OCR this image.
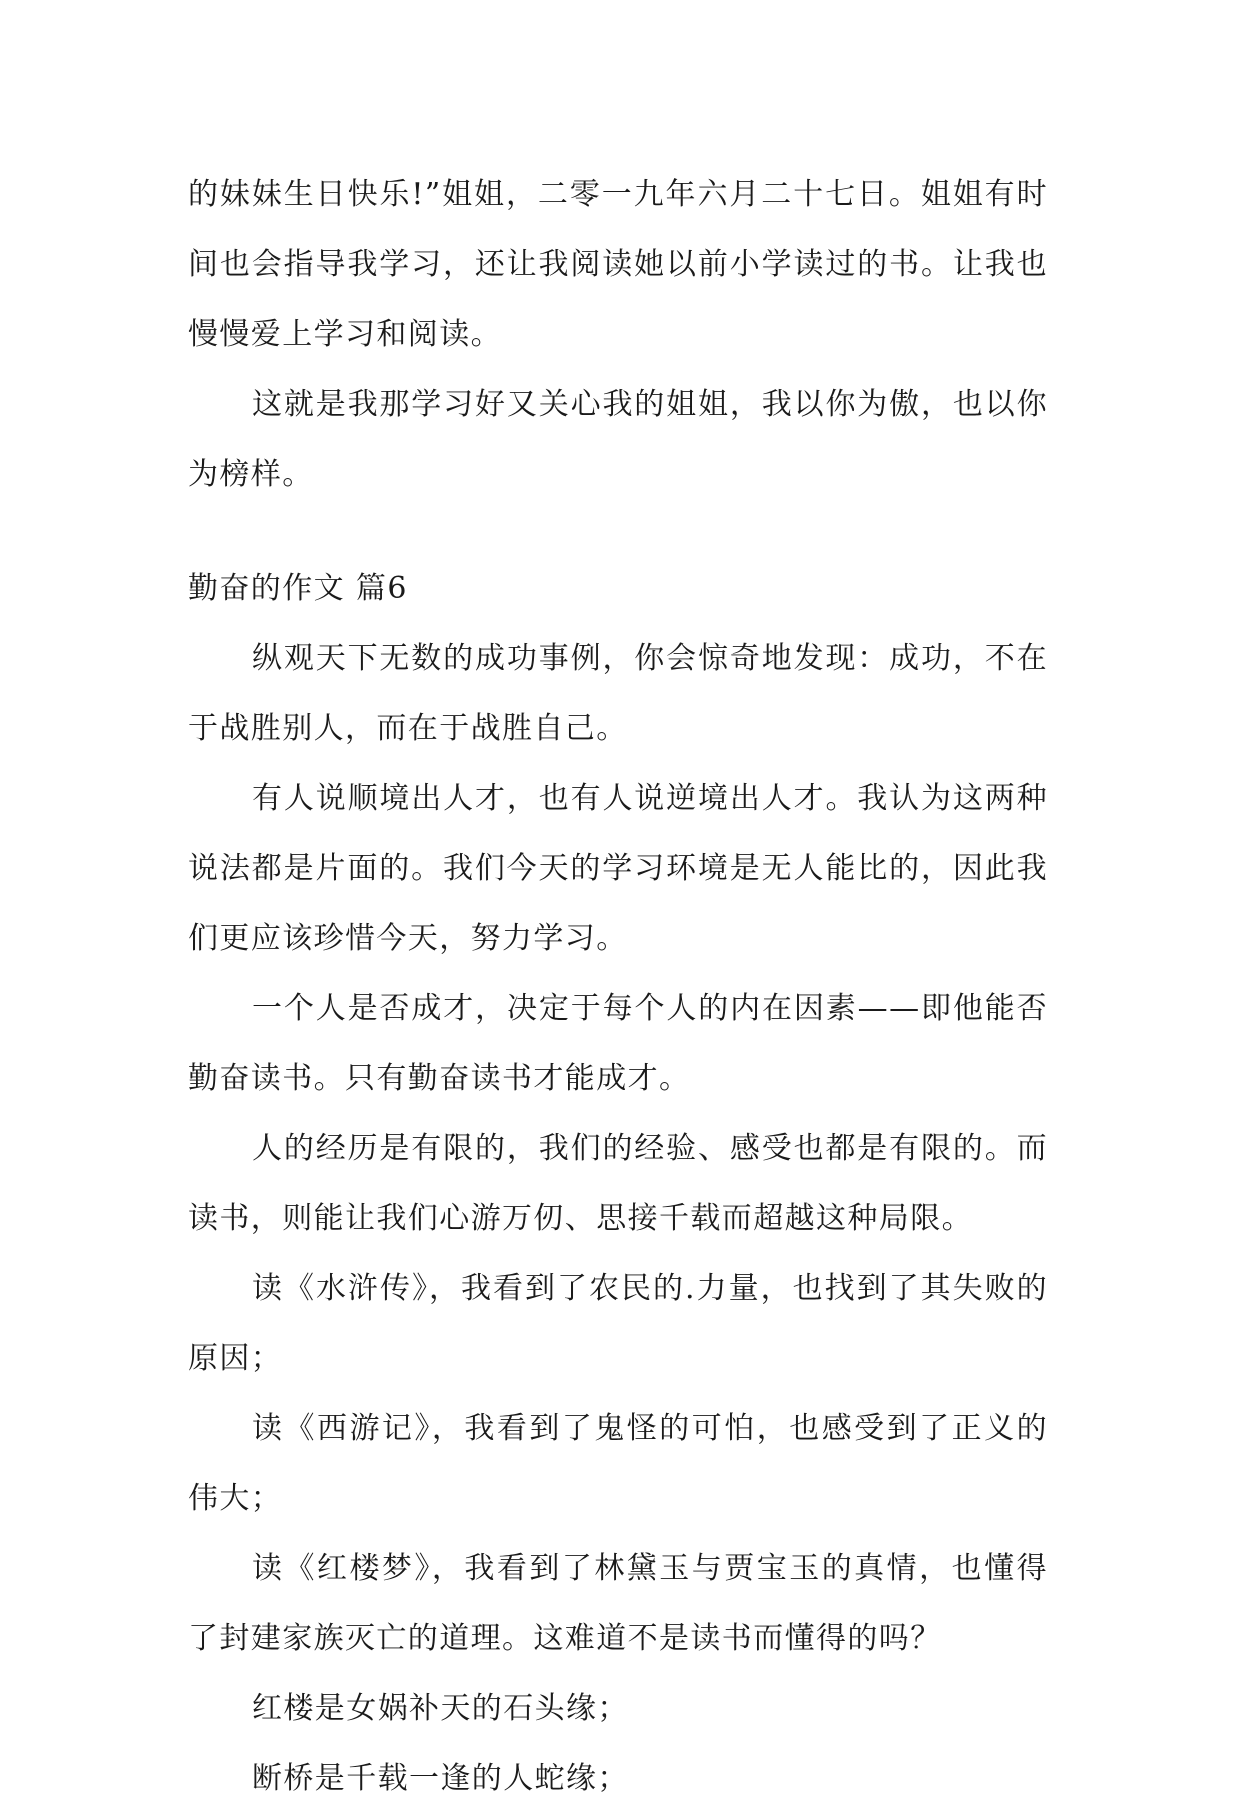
的妹妹生日快乐!”姐姐，二零一九年六月二十七日。姐姐有时间也会指导我学习，还让我阅读她以前小学读过的书。让我也慢慢爱上学习和阅读。

这就是我那学习好又关心我的姐姐，我以你为傲，也以你为榜样。

勤奋的作文 篇6

纵观天下无数的成功事例，你会惊奇地发现：成功，不在于战胜别人，而在于战胜自己。

有人说顺境出人才，也有人说逆境出人才。我认为这两种说法都是片面的。我们今天的学习环境是无人能比的，因此我们更应该珍惜今天，努力学习。

一个人是否成才，决定于每个人的内在因素——即他能否勤奋读书。只有勤奋读书才能成才。

人的经历是有限的，我们的经验、感受也都是有限的。而读书，则能让我们心游万仞、思接千载而超越这种局限。

读《水浒传》，我看到了农民的.力量，也找到了其失败的原因；

读《西游记》，我看到了鬼怪的可怕，也感受到了正义的伟大；

读《红楼梦》，我看到了林黛玉与贾宝玉的真情，也懂得了封建家族灭亡的道理。这难道不是读书而懂得的吗？

红楼是女娲补天的石头缘；

断桥是千载一逢的人蛇缘；
